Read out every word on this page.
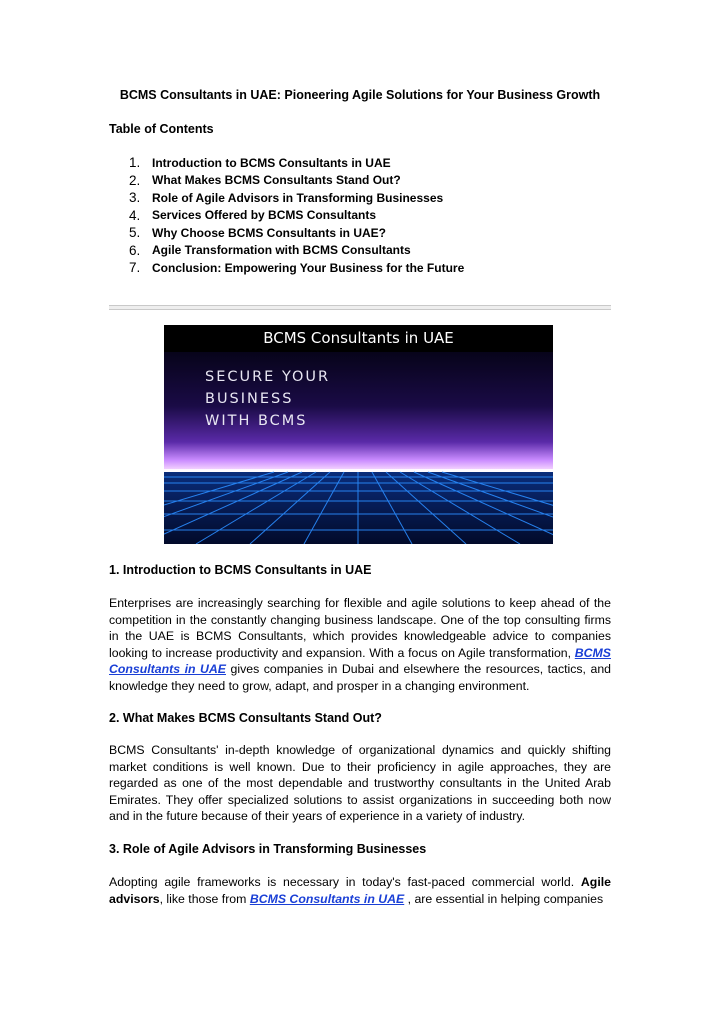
BCMS Consultants in UAE: Pioneering Agile Solutions for Your Business Growth
Table of Contents
1. Introduction to BCMS Consultants in UAE
2. What Makes BCMS Consultants Stand Out?
3. Role of Agile Advisors in Transforming Businesses
4. Services Offered by BCMS Consultants
5. Why Choose BCMS Consultants in UAE?
6. Agile Transformation with BCMS Consultants
7. Conclusion: Empowering Your Business for the Future
BCMS Consultants in UAE
SECURE YOUR
BUSINESS
WITH BCMS
1. Introduction to BCMS Consultants in UAE

Enterprises are increasingly searching for flexible and agile solutions to keep ahead of the competition in the constantly changing business landscape. One of the top consulting firms in the UAE is BCMS Consultants, which provides knowledgeable advice to companies looking to increase productivity and expansion. With a focus on Agile transformation, BCMS Consultants in UAE gives companies in Dubai and elsewhere the resources, tactics, and knowledge they need to grow, adapt, and prosper in a changing environment.

2. What Makes BCMS Consultants Stand Out?

BCMS Consultants' in-depth knowledge of organizational dynamics and quickly shifting market conditions is well known. Due to their proficiency in agile approaches, they are regarded as one of the most dependable and trustworthy consultants in the United Arab Emirates. They offer specialized solutions to assist organizations in succeeding both now and in the future because of their years of experience in a variety of industry.

3. Role of Agile Advisors in Transforming Businesses

Adopting agile frameworks is necessary in today's fast-paced commercial world. Agile advisors, like those from BCMS Consultants in UAE , are essential in helping companies
